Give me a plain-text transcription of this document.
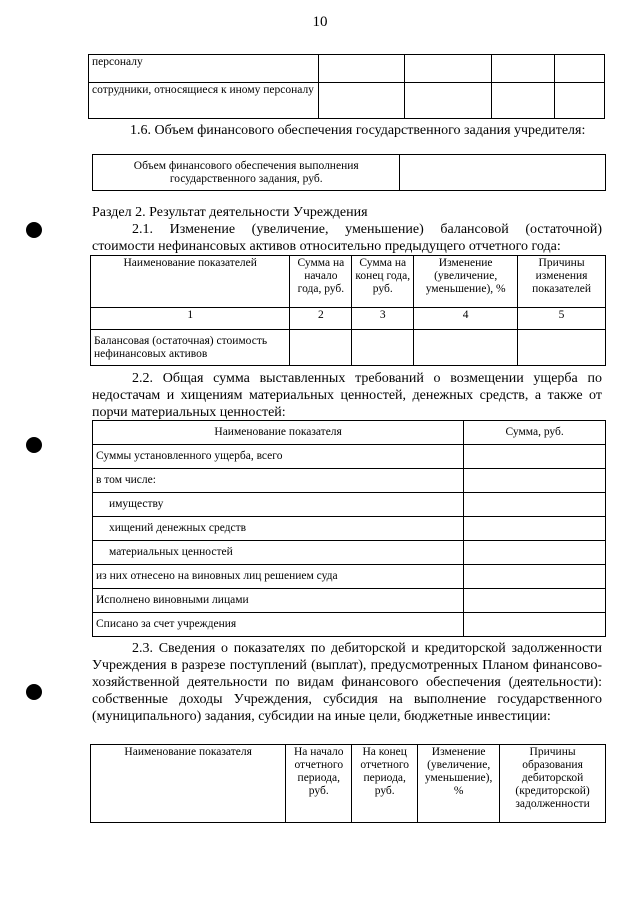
10
персоналу				
сотрудники, относящиеся к иному персоналу				
1.6. Объем финансового обеспечения государственного задания учредителя:
Объем финансового обеспечения выполнения государственного задания, руб.	
Раздел 2. Результат деятельности Учреждения
2.1. Изменение (увеличение, уменьшение) балансовой (остаточной) стоимости нефинансовых активов относительно предыдущего отчетного года:
Наименование показателей	Сумма на начало года, руб.	Сумма на конец года, руб.	Изменение (увеличение, уменьшение), %	Причины изменения показателей
1	2	3	4	5
Балансовая (остаточная) стоимость нефинансовых активов				
2.2. Общая сумма выставленных требований о возмещении ущерба по недостачам и хищениям материальных ценностей, денежных средств, а также от порчи материальных ценностей:
Наименование показателя	Сумма, руб.
Суммы установленного ущерба, всего	
в том числе:	
имуществу	
хищений денежных средств	
материальных ценностей	
из них отнесено на виновных лиц решением суда	
Исполнено виновными лицами	
Списано за счет учреждения	
2.3. Сведения о показателях по дебиторской и кредиторской задолженности Учреждения в разрезе поступлений (выплат), предусмотренных Планом финансово-хозяйственной деятельности по видам финансового обеспечения (деятельности): собственные доходы Учреждения, субсидия на выполнение государственного (муниципального) задания, субсидии на иные цели, бюджетные инвестиции:
Наименование показателя	На начало отчетного периода, руб.	На конец отчетного периода, руб.	Изменение (увеличение, уменьшение), %	Причины образования дебиторской (кредиторской) задолженности
